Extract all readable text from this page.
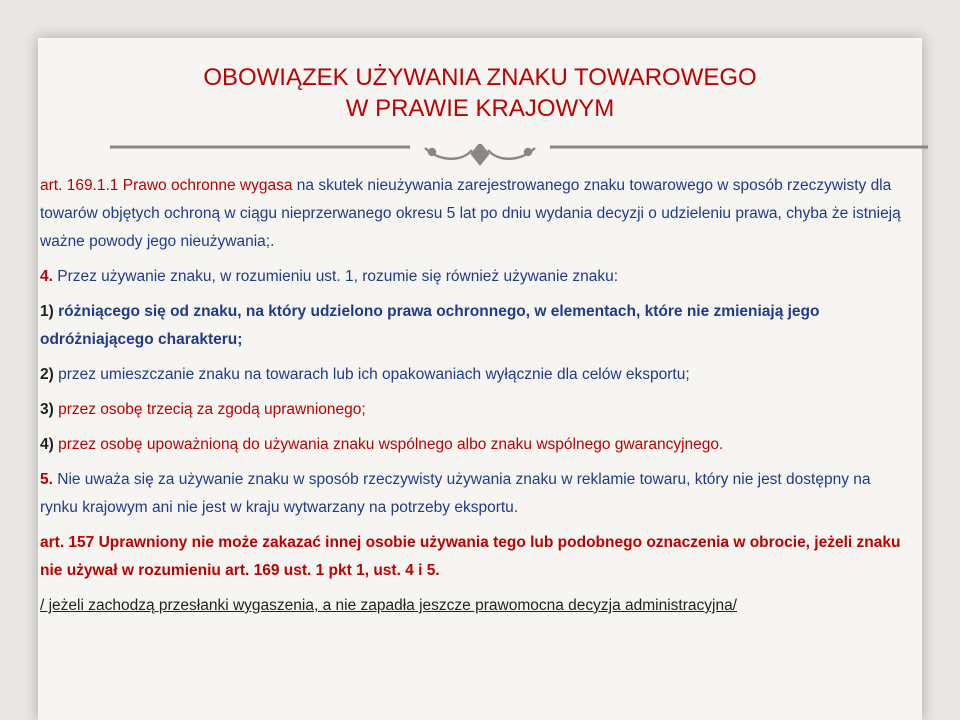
OBOWIĄZEK UŻYWANIA ZNAKU TOWAROWEGO
W PRAWIE KRAJOWYM

art. 169.1.1 Prawo ochronne wygasa na skutek nieużywania zarejestrowanego znaku towarowego w sposób rzeczywisty dla towarów objętych ochroną w ciągu nieprzerwanego okresu 5 lat po dniu wydania decyzji o udzieleniu prawa, chyba że istnieją ważne powody jego nieużywania;.

4. Przez używanie znaku, w rozumieniu ust. 1, rozumie się również używanie znaku:

1) różniącego się od znaku, na który udzielono prawa ochronnego, w elementach, które nie zmieniają jego odróżniającego charakteru;

2) przez umieszczanie znaku na towarach lub ich opakowaniach wyłącznie dla celów eksportu;

3) przez osobę trzecią za zgodą uprawnionego;

4) przez osobę upoważnioną do używania znaku wspólnego albo znaku wspólnego gwarancyjnego.

5. Nie uważa się za używanie znaku w sposób rzeczywisty używania znaku w reklamie towaru, który nie jest dostępny na rynku krajowym ani nie jest w kraju wytwarzany na potrzeby eksportu.

art. 157 Uprawniony nie może zakazać innej osobie używania tego lub podobnego oznaczenia w obrocie, jeżeli znaku nie używał w rozumieniu art. 169 ust. 1 pkt 1, ust. 4 i 5.

/ jeżeli zachodzą przesłanki wygaszenia, a nie zapadła jeszcze prawomocna decyzja administracyjna/
